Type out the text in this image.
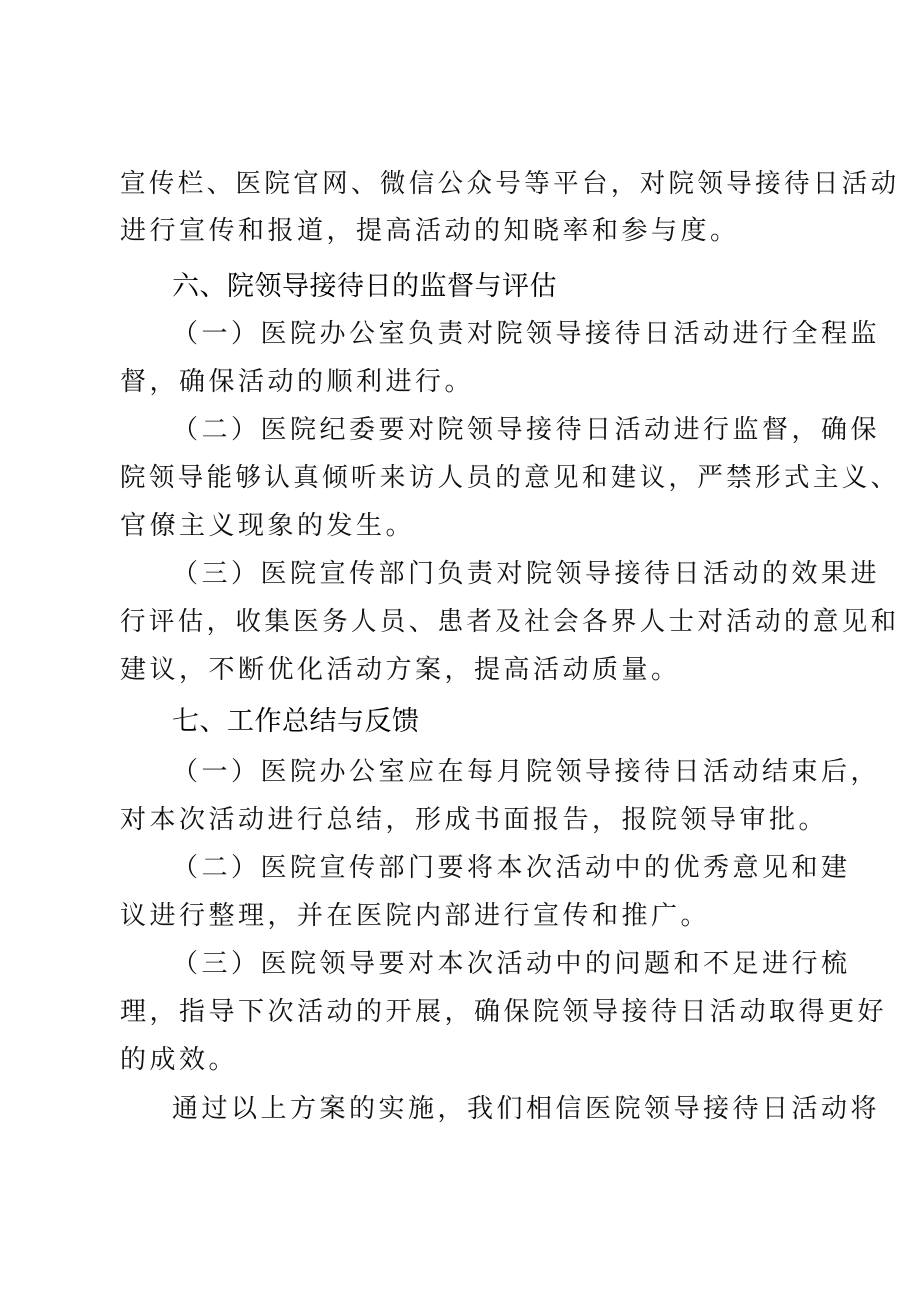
宣传栏、医院官网、微信公众号等平台，对院领导接待日活动
进行宣传和报道，提高活动的知晓率和参与度。
六、院领导接待日的监督与评估
（一）医院办公室负责对院领导接待日活动进行全程监
督，确保活动的顺利进行。
（二）医院纪委要对院领导接待日活动进行监督，确保
院领导能够认真倾听来访人员的意见和建议，严禁形式主义、
官僚主义现象的发生。
（三）医院宣传部门负责对院领导接待日活动的效果进
行评估，收集医务人员、患者及社会各界人士对活动的意见和
建议，不断优化活动方案，提高活动质量。
七、工作总结与反馈
（一）医院办公室应在每月院领导接待日活动结束后，
对本次活动进行总结，形成书面报告，报院领导审批。
（二）医院宣传部门要将本次活动中的优秀意见和建
议进行整理，并在医院内部进行宣传和推广。
（三）医院领导要对本次活动中的问题和不足进行梳
理，指导下次活动的开展，确保院领导接待日活动取得更好
的成效。
通过以上方案的实施，我们相信医院领导接待日活动将
